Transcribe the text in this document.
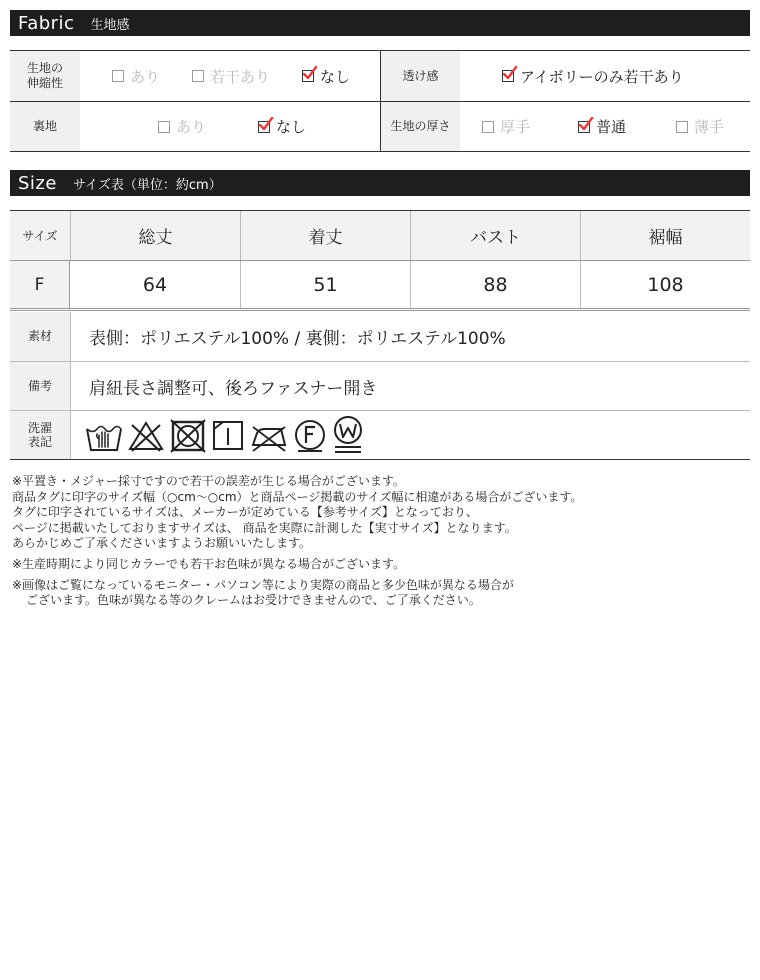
Fabric 生地感
生地の
伸縮性	あり	若干あり	なし	透け感	アイボリーのみ若干あり
裏地	あり	なし	生地の厚さ	厚手	普通	薄手
Size サイズ表（単位：約cm）
サイズ	総丈	着丈	バスト	裾幅
F	64	51	88	108
素材	表側：ポリエステル100% / 裏側：ポリエステル100%
備考	肩紐長さ調整可、後ろファスナー開き
洗濯
表記

※平置き・メジャー採寸ですので若干の誤差が生じる場合がございます。

商品タグに印字のサイズ幅（○cm～○cm）と商品ページ掲載のサイズ幅に相違がある場合がございます。

タグに印字されているサイズは、メーカーが定めている【参考サイズ】となっており、

ページに掲載いたしておりますサイズは、 商品を実際に計測した【実寸サイズ】となります。

あらかじめご了承くださいますようお願いいたします。

※生産時期により同じカラーでも若干お色味が異なる場合がございます。

※画像はご覧になっているモニター・パソコン等により実際の商品と多少色味が異なる場合が

ございます。色味が異なる等のクレームはお受けできませんので、ご了承ください。
